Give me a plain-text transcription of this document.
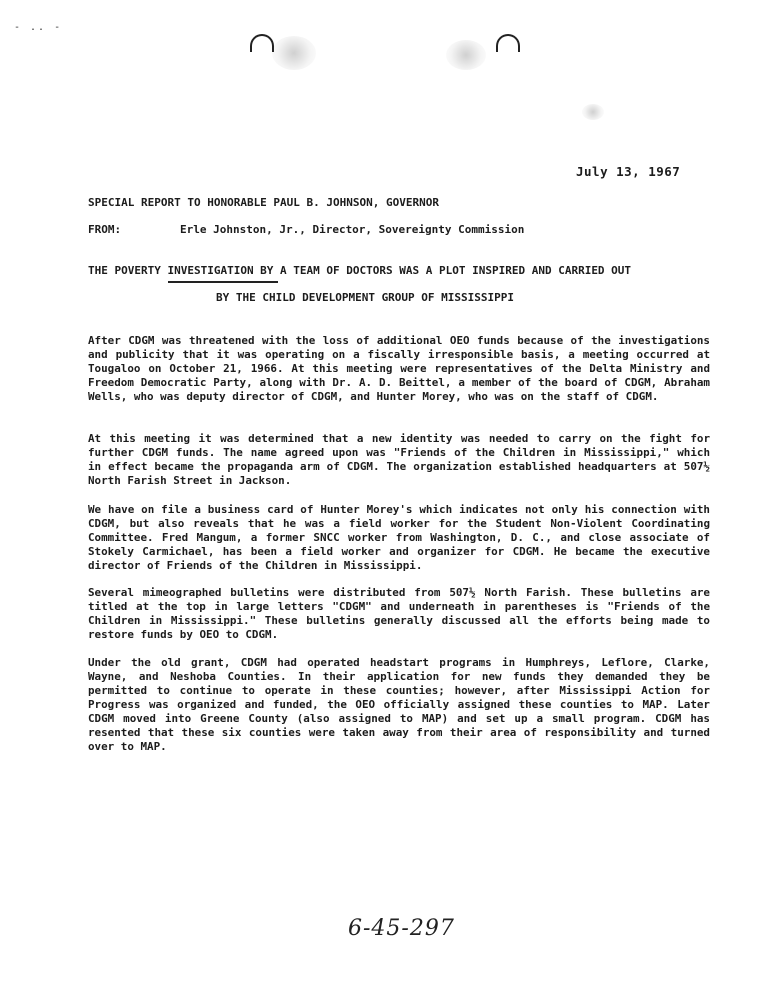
- .. -
July 13, 1967
SPECIAL REPORT TO HONORABLE PAUL B. JOHNSON, GOVERNOR
FROM:	Erle Johnston, Jr., Director, Sovereignty Commission
THE POVERTY INVESTIGATION BY A TEAM OF DOCTORS WAS A PLOT INSPIRED AND CARRIED OUT
BY THE CHILD DEVELOPMENT GROUP OF MISSISSIPPI
After CDGM was threatened with the loss of additional OEO funds because of the investigations and publicity that it was operating on a fiscally irresponsible basis, a meeting occurred at Tougaloo on October 21, 1966. At this meeting were representatives of the Delta Ministry and Freedom Democratic Party, along with Dr. A. D. Beittel, a member of the board of CDGM, Abraham Wells, who was deputy director of CDGM, and Hunter Morey, who was on the staff of CDGM.
At this meeting it was determined that a new identity was needed to carry on the fight for further CDGM funds. The name agreed upon was "Friends of the Children in Mississippi," which in effect became the propaganda arm of CDGM. The organization established headquarters at 507½ North Farish Street in Jackson.
We have on file a business card of Hunter Morey's which indicates not only his connection with CDGM, but also reveals that he was a field worker for the Student Non-Violent Coordinating Committee. Fred Mangum, a former SNCC worker from Washington, D. C., and close associate of Stokely Carmichael, has been a field worker and organizer for CDGM. He became the executive director of Friends of the Children in Mississippi.
Several mimeographed bulletins were distributed from 507½ North Farish. These bulletins are titled at the top in large letters "CDGM" and underneath in parentheses is "Friends of the Children in Mississippi." These bulletins generally discussed all the efforts being made to restore funds by OEO to CDGM.
Under the old grant, CDGM had operated headstart programs in Humphreys, Leflore, Clarke, Wayne, and Neshoba Counties. In their application for new funds they demanded they be permitted to continue to operate in these counties; however, after Mississippi Action for Progress was organized and funded, the OEO officially assigned these counties to MAP. Later CDGM moved into Greene County (also assigned to MAP) and set up a small program. CDGM has resented that these six counties were taken away from their area of responsibility and turned over to MAP.
6-45-297
